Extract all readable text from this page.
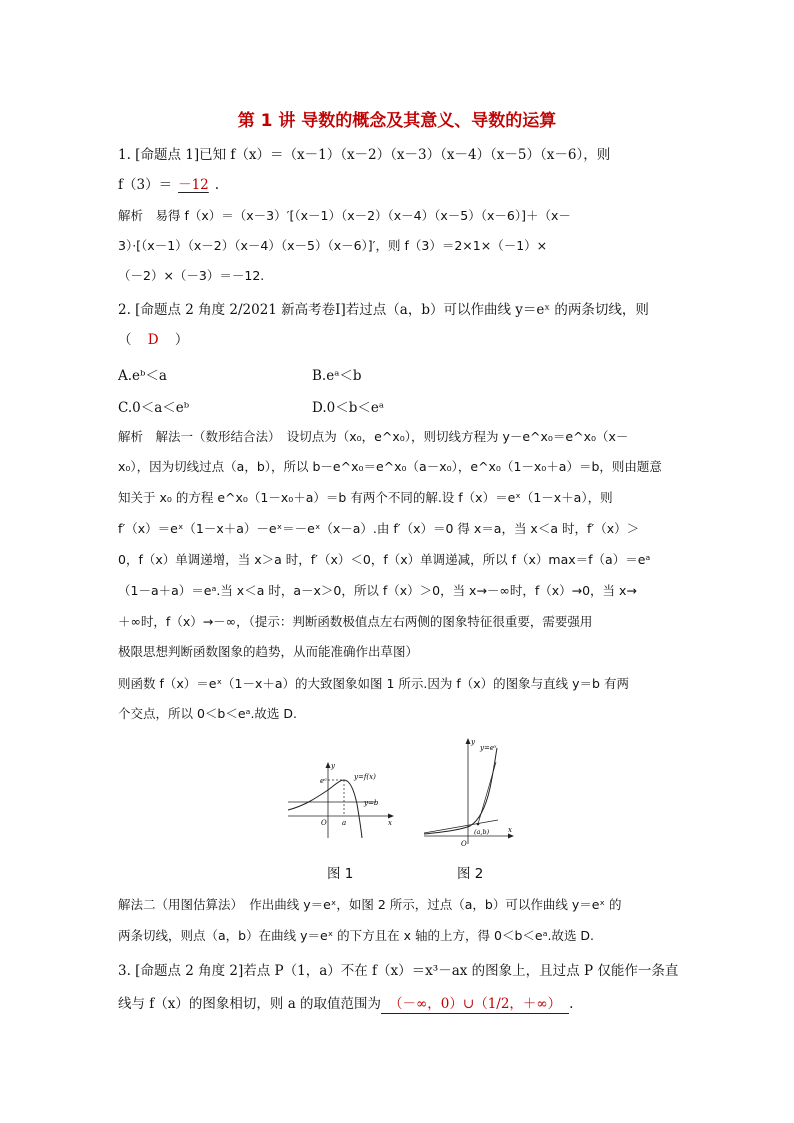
第 1 讲 导数的概念及其意义、导数的运算
1. [命题点 1]已知 f（x）＝（x－1）（x－2）（x－3）（x－4）（x－5）（x－6），则
f（3）＝ －12 .
解析　易得 f（x）＝（x－3）′[（x－1）（x－2）（x－4）（x－5）（x－6）]＋（x－
3）·[（x－1）（x－2）（x－4）（x－5）（x－6）]′，则 f（3）＝2×1×（－1）×
（－2）×（－3）＝－12.
2. [命题点 2 角度 2/2021 新高考卷Ⅰ]若过点（a，b）可以作曲线 y＝eˣ 的两条切线，则
（ D ）
A.eᵇ＜a	B.eᵃ＜b
C.0＜a＜eᵇ	D.0＜b＜eᵃ
解析　解法一（数形结合法）　设切点为（x₀，e^x₀），则切线方程为 y－e^x₀＝e^x₀（x－
x₀），因为切线过点（a，b），所以 b－e^x₀＝e^x₀（a－x₀），e^x₀（1－x₀＋a）＝b，则由题意
知关于 x₀ 的方程 e^x₀（1－x₀＋a）＝b 有两个不同的解.设 f（x）＝eˣ（1－x＋a），则
f′（x）＝eˣ（1－x＋a）－eˣ＝－eˣ（x－a）.由 f′（x）＝0 得 x＝a，当 x＜a 时，f′（x）＞
0，f（x）单调递增，当 x＞a 时，f′（x）＜0，f（x）单调递减，所以 f（x）max＝f（a）＝eᵃ
（1－a＋a）＝eᵃ.当 x＜a 时，a－x＞0，所以 f（x）＞0，当 x→－∞时，f（x）→0，当 x→
＋∞时，f（x）→－∞，（提示：判断函数极值点左右两侧的图象特征很重要，需要强用
极限思想判断函数图象的趋势，从而能准确作出草图）
则函数 f（x）＝eˣ（1－x＋a）的大致图象如图 1 所示.因为 f（x）的图象与直线 y＝b 有两
个交点，所以 0＜b＜eᵃ.故选 D.
eᵃ	y=f(x)
y=b
O a	x
y
图 1
y=eˣ
(a,b)
O
x
y
图 2
解法二（用图估算法）　作出曲线 y＝eˣ，如图 2 所示，过点（a，b）可以作曲线 y＝eˣ 的
两条切线，则点（a，b）在曲线 y＝eˣ 的下方且在 x 轴的上方，得 0＜b＜eᵃ.故选 D.
3. [命题点 2 角度 2]若点 P（1，a）不在 f（x）＝x³－ax 的图象上，且过点 P 仅能作一条直
线与 f（x）的图象相切，则 a 的取值范围为 （－∞，0）∪（1/2，＋∞） .
